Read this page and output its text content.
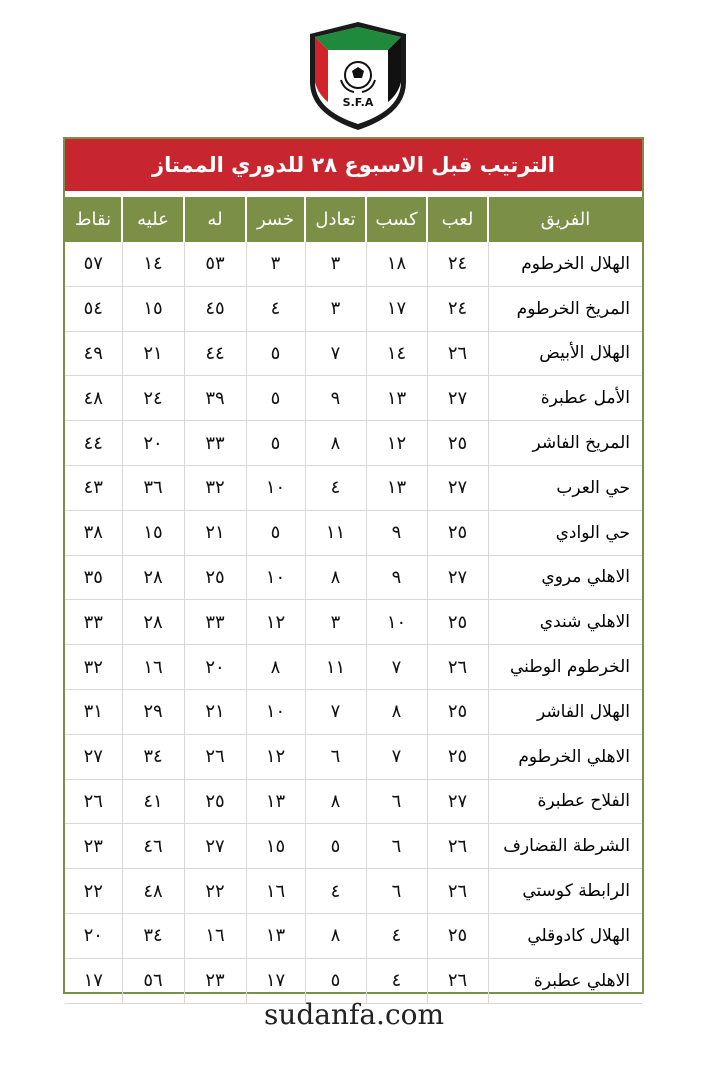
S.F.A
الترتيب قبل الاسبوع ٢٨ للدوري الممتاز
الفريق	لعب	كسب	تعادل	خسر	له	عليه	نقاط
الهلال الخرطوم	٢٤	١٨	٣	٣	٥٣	١٤	٥٧
المريخ الخرطوم	٢٤	١٧	٣	٤	٤٥	١٥	٥٤
الهلال الأبيض	٢٦	١٤	٧	٥	٤٤	٢١	٤٩
الأمل عطبرة	٢٧	١٣	٩	٥	٣٩	٢٤	٤٨
المريخ الفاشر	٢٥	١٢	٨	٥	٣٣	٢٠	٤٤
حي العرب	٢٧	١٣	٤	١٠	٣٢	٣٦	٤٣
حي الوادي	٢٥	٩	١١	٥	٢١	١٥	٣٨
الاهلي مروي	٢٧	٩	٨	١٠	٢٥	٢٨	٣٥
الاهلي شندي	٢٥	١٠	٣	١٢	٣٣	٢٨	٣٣
الخرطوم الوطني	٢٦	٧	١١	٨	٢٠	١٦	٣٢
الهلال الفاشر	٢٥	٨	٧	١٠	٢١	٢٩	٣١
الاهلي الخرطوم	٢٥	٧	٦	١٢	٢٦	٣٤	٢٧
الفلاح عطبرة	٢٧	٦	٨	١٣	٢٥	٤١	٢٦
الشرطة القضارف	٢٦	٦	٥	١٥	٢٧	٤٦	٢٣
الرابطة كوستي	٢٦	٦	٤	١٦	٢٢	٤٨	٢٢
الهلال كادوقلي	٢٥	٤	٨	١٣	١٦	٣٤	٢٠
الاهلي عطبرة	٢٦	٤	٥	١٧	٢٣	٥٦	١٧
sudanfa.com
